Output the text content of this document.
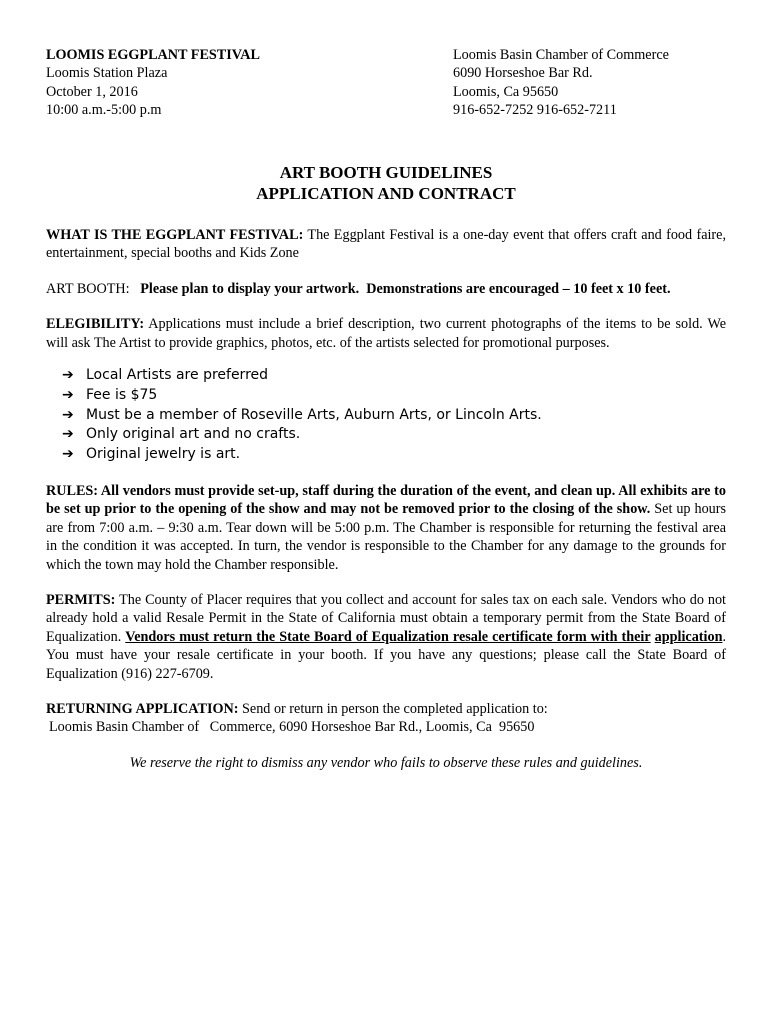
LOOMIS EGGPLANT FESTIVAL
Loomis Station Plaza
October 1, 2016
10:00 a.m.-5:00 p.m
Loomis Basin Chamber of Commerce
6090 Horseshoe Bar Rd.
Loomis, Ca 95650
916-652-7252 916-652-7211
ART BOOTH GUIDELINES
APPLICATION AND CONTRACT

WHAT IS THE EGGPLANT FESTIVAL: The Eggplant Festival is a one-day event that offers craft and food faire, entertainment, special booths and Kids Zone

ART BOOTH:   Please plan to display your artwork.  Demonstrations are encouraged – 10 feet x 10 feet.

ELEGIBILITY: Applications must include a brief description, two current photographs of the items to be sold. We will ask The Artist to provide graphics, photos, etc. of the artists selected for promotional purposes.

➔ Local Artists are preferred
➔ Fee is $75
➔ Must be a member of Roseville Arts, Auburn Arts, or Lincoln Arts.
➔ Only original art and no crafts.
➔ Original jewelry is art.

RULES: All vendors must provide set-up, staff during the duration of the event, and clean up. All exhibits are to be set up prior to the opening of the show and may not be removed prior to the closing of the show. Set up hours are from 7:00 a.m. – 9:30 a.m. Tear down will be 5:00 p.m. The Chamber is responsible for returning the festival area in the condition it was accepted. In turn, the vendor is responsible to the Chamber for any damage to the grounds for which the town may hold the Chamber responsible.

PERMITS: The County of Placer requires that you collect and account for sales tax on each sale. Vendors who do not already hold a valid Resale Permit in the State of California must obtain a temporary permit from the State Board of Equalization. Vendors must return the State Board of Equalization resale certificate form with their application. You must have your resale certificate in your booth. If you have any questions; please call the State Board of Equalization (916) 227-6709.

RETURNING APPLICATION: Send or return in person the completed application to:

Loomis Basin Chamber of   Commerce, 6090 Horseshoe Bar Rd., Loomis, Ca  95650

We reserve the right to dismiss any vendor who fails to observe these rules and guidelines.
